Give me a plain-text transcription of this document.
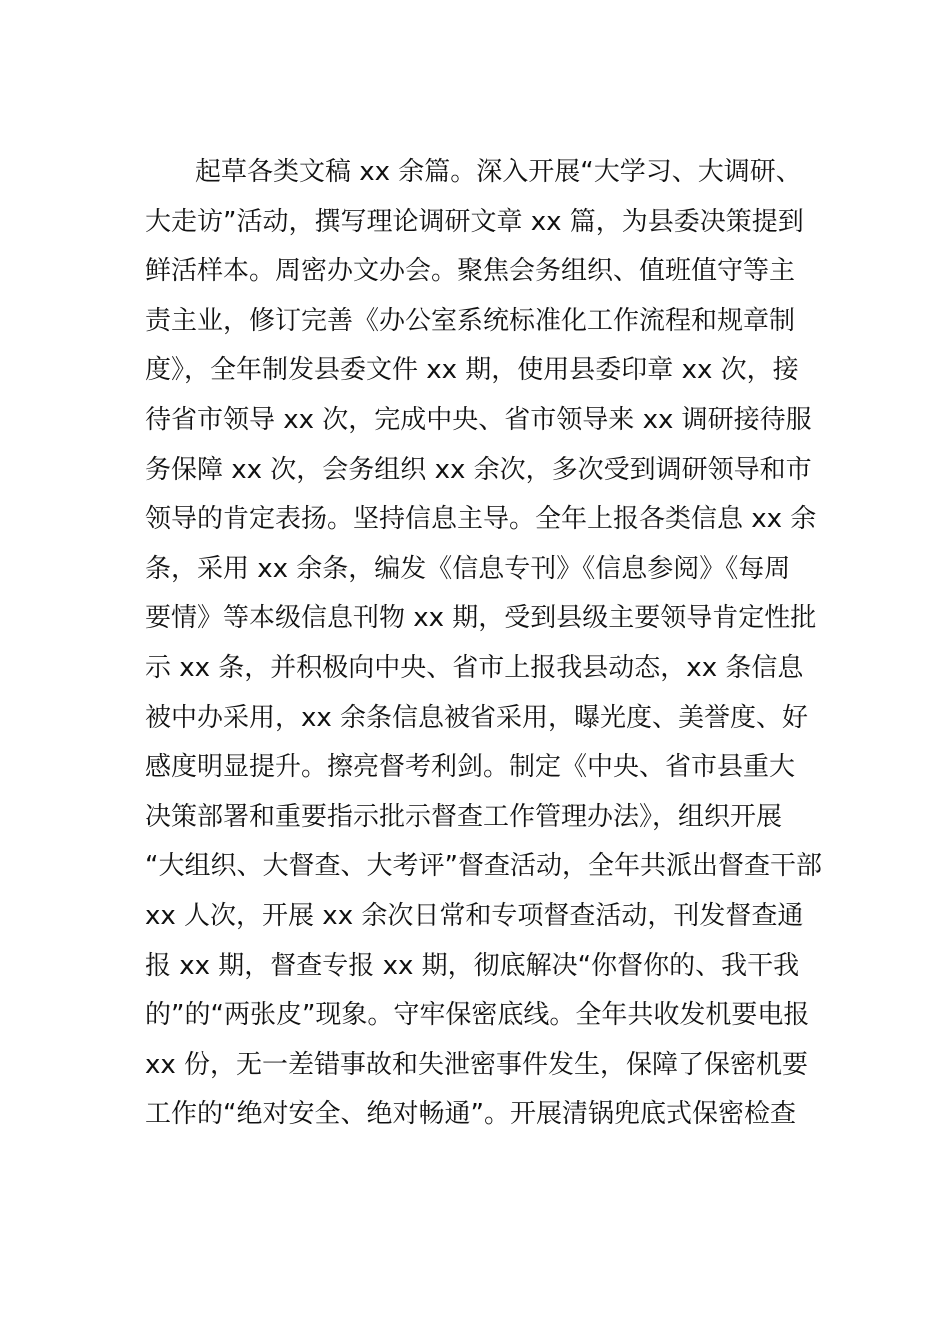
起草各类文稿 xx 余篇。深入开展“大学习、大调研、
大走访”活动，撰写理论调研文章 xx 篇，为县委决策提到
鲜活样本。周密办文办会。聚焦会务组织、值班值守等主
责主业，修订完善《办公室系统标准化工作流程和规章制
度》，全年制发县委文件 xx 期，使用县委印章 xx 次，接
待省市领导 xx 次，完成中央、省市领导来 xx 调研接待服
务保障 xx 次，会务组织 xx 余次，多次受到调研领导和市
领导的肯定表扬。坚持信息主导。全年上报各类信息 xx 余
条，采用 xx 余条，编发《信息专刊》《信息参阅》《每周
要情》等本级信息刊物 xx 期，受到县级主要领导肯定性批
示 xx 条，并积极向中央、省市上报我县动态，xx 条信息
被中办采用，xx 余条信息被省采用，曝光度、美誉度、好
感度明显提升。擦亮督考利剑。制定《中央、省市县重大
决策部署和重要指示批示督查工作管理办法》，组织开展
“大组织、大督查、大考评”督查活动，全年共派出督查干部
xx 人次，开展 xx 余次日常和专项督查活动，刊发督查通
报 xx 期，督查专报 xx 期，彻底解决“你督你的、我干我
的”的“两张皮”现象。守牢保密底线。全年共收发机要电报
xx 份，无一差错事故和失泄密事件发生，保障了保密机要
工作的“绝对安全、绝对畅通”。开展清锅兜底式保密检查
